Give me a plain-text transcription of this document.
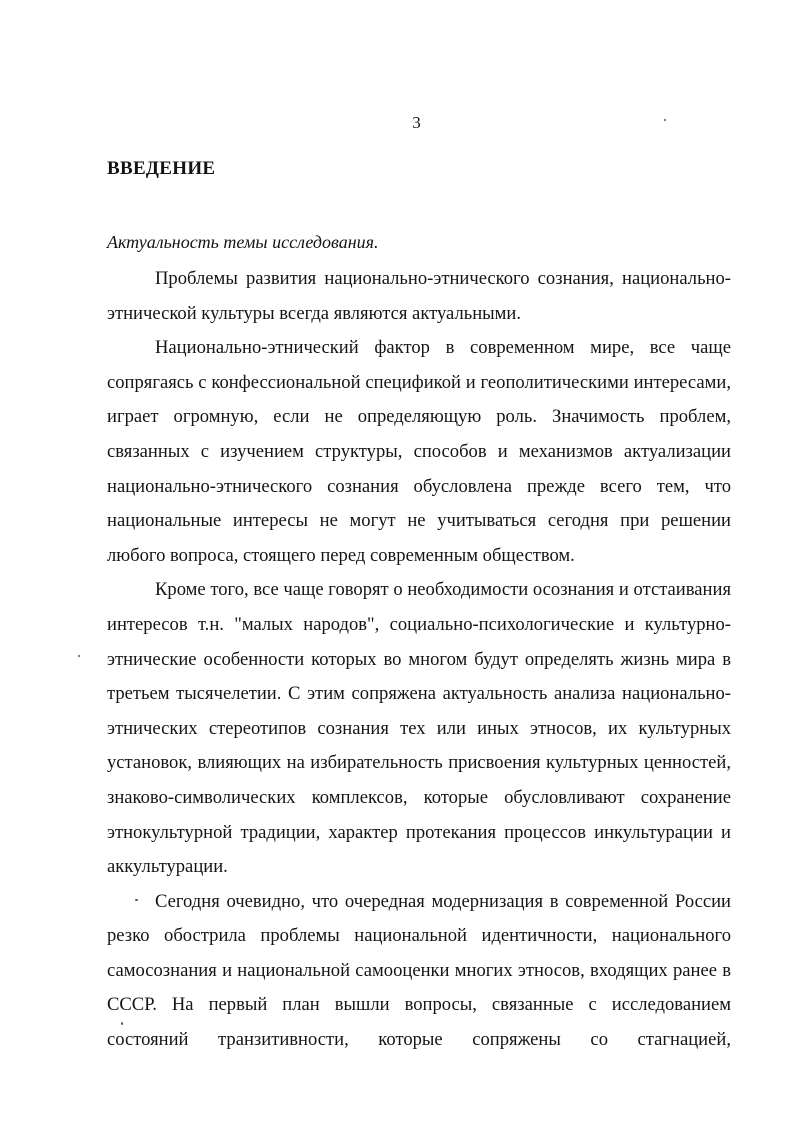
3
ВВЕДЕНИЕ
Актуальность темы исследования.

Проблемы развития национально-этнического сознания, национально-этнической культуры всегда являются актуальными.

Национально-этнический фактор в современном мире, все чаще сопрягаясь с конфессиональной спецификой и геополитическими интересами, играет огромную, если не определяющую роль. Значимость проблем, связанных с изучением структуры, способов и механизмов актуализации национально-этнического сознания обусловлена прежде всего тем, что национальные интересы не могут не учитываться сегодня при решении любого вопроса, стоящего перед современным обществом.

Кроме того, все чаще говорят о необходимости осознания и отстаивания интересов т.н. "малых народов", социально-психологические и культурно-этнические особенности которых во многом будут определять жизнь мира в третьем тысячелетии. С этим сопряжена актуальность анализа национально-этнических стереотипов сознания тех или иных этносов, их культурных установок, влияющих на избирательность присвоения культурных ценностей, знаково-символических комплексов, которые обусловливают сохранение этнокультурной традиции, характер протекания процессов инкультурации и аккультурации.

Сегодня очевидно, что очередная модернизация в современной России резко обострила проблемы национальной идентичности, национального самосознания и национальной самооценки многих этносов, входящих ранее в СССР. На первый план вышли вопросы, связанные с исследованием состояний транзитивности, которые сопряжены со стагнацией,
